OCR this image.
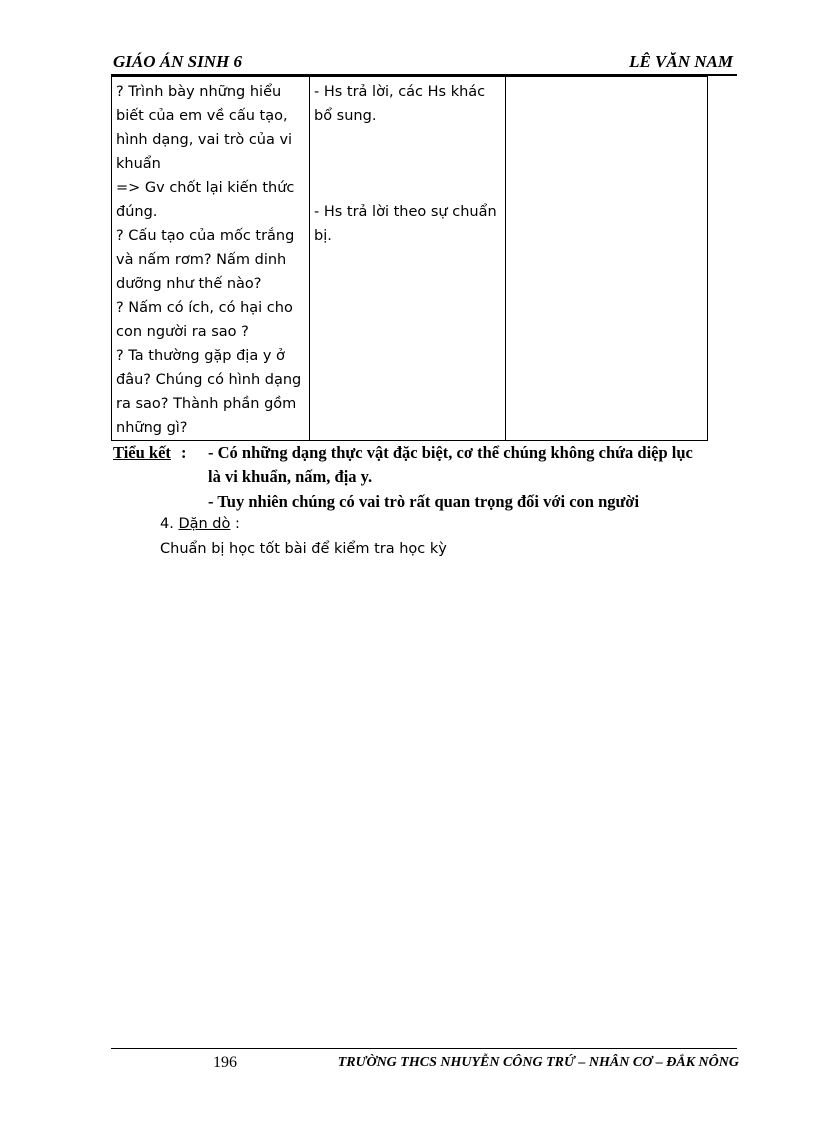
GIÁO ÁN SINH 6	LÊ VĂN NAM
? Trình bày những hiểu
biết của em về cấu tạo,
hình dạng, vai trò của vi
khuẩn
=> Gv chốt lại kiến thức
đúng.
? Cấu tạo của mốc trắng
và nấm rơm? Nấm dinh
dưỡng như thế nào?
? Nấm có ích, có hại cho
con người ra sao ?
? Ta thường gặp địa y ở
đâu? Chúng có hình dạng
ra sao? Thành phần gồm
những gì?

- Hs trả lời, các Hs khác
bổ sung.
- Hs trả lời theo sự chuẩn
bị.

Tiểu kết : - Có những dạng thực vật đặc biệt, cơ thể chúng không chứa diệp lục
là vi khuẩn, nấm, địa y.
- Tuy nhiên chúng có vai trò rất quan trọng đối với con người
4. Dặn dò :
Chuẩn bị học tốt bài để kiểm tra học kỳ
196	TRƯỜNG THCS NHUYỄN CÔNG TRỨ – NHÂN CƠ – ĐẮK NÔNG
